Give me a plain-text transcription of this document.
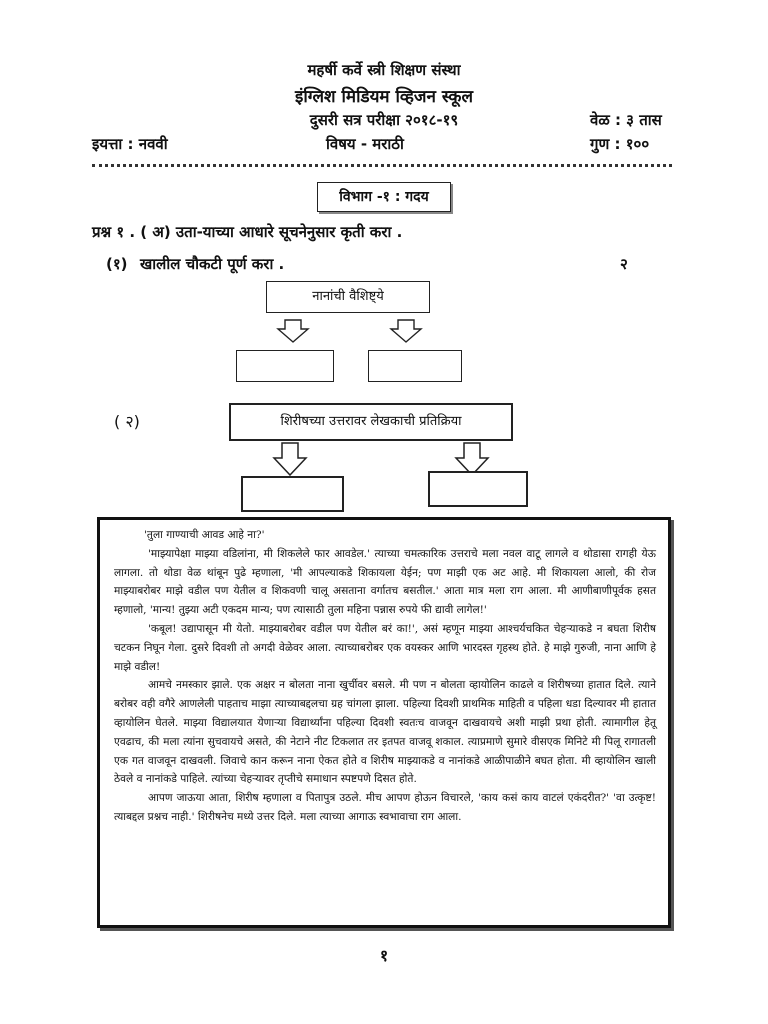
महर्षी कर्वे स्त्री शिक्षण संस्था
इंग्लिश मिडियम व्हिजन स्कूल
दुसरी सत्र परीक्षा २०१८-१९	वेळ : ३ तास
इयत्ता : नववी	विषय - मराठी	गुण : १००
विभाग -१ : गदय
प्रश्न १ . ( अ) उता-याच्या आधारे सूचनेनुसार कृती करा .
(१) खालील चौकटी पूर्ण करा .	२
नानांची वैशिष्ट्ये
( २)	शिरीषच्या उत्तरावर लेखकाची प्रतिक्रिया

'तुला गाण्याची आवड आहे ना?'

'माझ्यापेक्षा माझ्या वडिलांना, मी शिकलेले फार आवडेल.' त्याच्या चमत्कारिक उत्तराचे मला नवल वाटू लागले व थोडासा रागही येऊ लागला. तो थोडा वेळ थांबून पुढे म्हणाला, 'मी आपल्याकडे शिकायला येईन; पण माझी एक अट आहे. मी शिकायला आलो, की रोज माझ्याबरोबर माझे वडील पण येतील व शिकवणी चालू असताना वर्गातच बसतील.' आता मात्र मला राग आला. मी आणीबाणीपूर्वक हसत म्हणालो, 'मान्य! तुझ्या अटी एकदम मान्य; पण त्यासाठी तुला महिना पन्नास रुपये फी द्यावी लागेल!'

'कबूल! उद्यापासून मी येतो. माझ्याबरोबर वडील पण येतील बरं का!', असं म्हणून माझ्या आश्चर्यचकित चेहऱ्याकडे न बघता शिरीष चटकन निघून गेला. दुसरे दिवशी तो अगदी वेळेवर आला. त्याच्याबरोबर एक वयस्कर आणि भारदस्त गृहस्थ होते. हे माझे गुरुजी, नाना आणि हे माझे वडील!

आमचे नमस्कार झाले. एक अक्षर न बोलता नाना खुर्चीवर बसले. मी पण न बोलता व्हायोलिन काढले व शिरीषच्या हातात दिले. त्याने बरोबर वही वगैरे आणलेली पाहताच माझा त्याच्याबद्दलचा ग्रह चांगला झाला. पहिल्या दिवशी प्राथमिक माहिती व पहिला धडा दिल्यावर मी हातात व्हायोलिन घेतले. माझ्या विद्यालयात येणाऱ्या विद्यार्थ्यांना पहिल्या दिवशी स्वतःच वाजवून दाखवायचे अशी माझी प्रथा होती. त्यामागील हेतू एवढाच, की मला त्यांना सुचवायचे असते, की नेटाने नीट टिकलात तर इतपत वाजवू शकाल. त्याप्रमाणे सुमारे वीसएक मिनिटे मी पिलू रागातली एक गत वाजवून दाखवली. जिवाचे कान करून नाना ऐकत होते व शिरीष माझ्याकडे व नानांकडे आळीपाळीने बघत होता. मी व्हायोलिन खाली ठेवले व नानांकडे पाहिले. त्यांच्या चेहऱ्यावर तृप्तीचे समाधान स्पष्टपणे दिसत होते.

आपण जाऊया आता, शिरीष म्हणाला व पितापुत्र उठले. मीच आपण होऊन विचारले, 'काय कसं काय वाटलं एकंदरीत?' 'वा उत्कृष्ट! त्याबद्दल प्रश्नच नाही.' शिरीषनेच मध्ये उत्तर दिले. मला त्याच्या आगाऊ स्वभावाचा राग आला.

१
